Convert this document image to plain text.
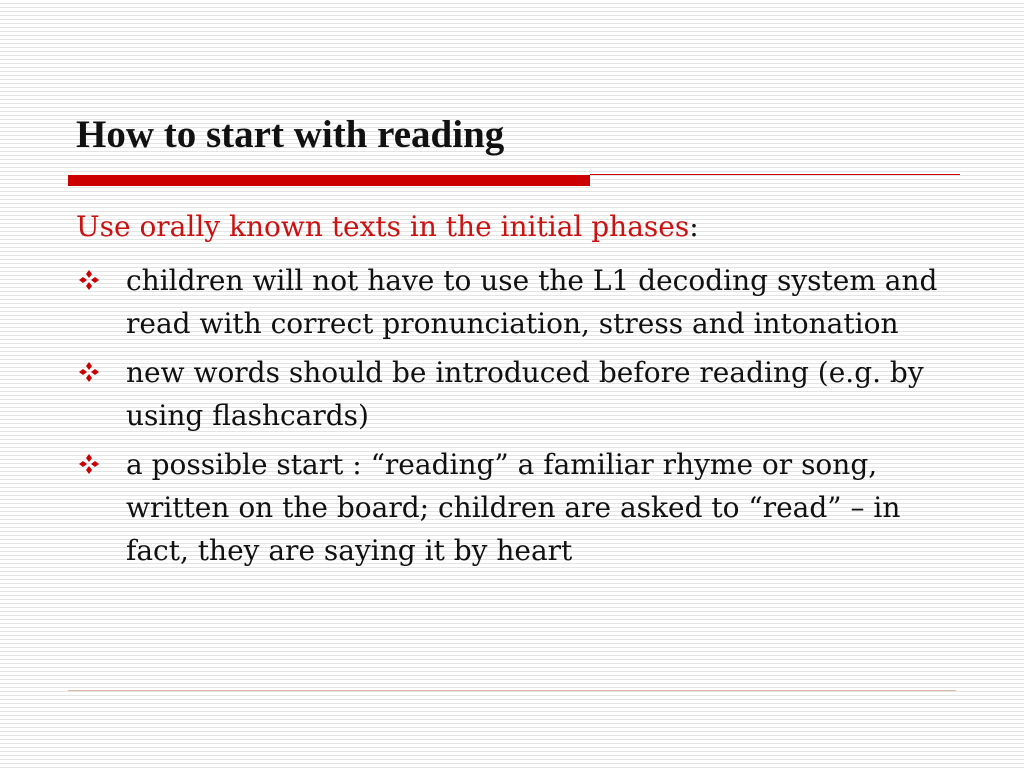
How to start with reading

Use orally known texts in the initial phases:

children will not have to use the L1 decoding system and read with correct pronunciation, stress and intonation
new words should be introduced before reading (e.g. by using flashcards)
a possible start : “reading” a familiar rhyme or song, written on the board; children are asked to “read” – in fact, they are saying it by heart
